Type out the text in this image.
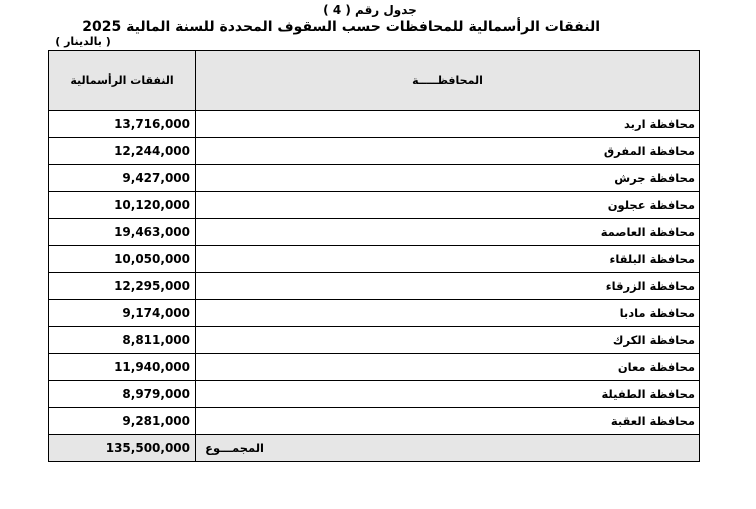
جدول رقم ( 4 )
النفقات الرأسمالية للمحافظات حسب السقوف المحددة للسنة المالية 2025
( بالدينار )
النفقات الرأسمالية	المحافظـــــة
13,716,000	محافظة اربد
12,244,000	محافظة المفرق
9,427,000	محافظة جرش
10,120,000	محافظة عجلون
19,463,000	محافظة العاصمة
10,050,000	محافظة البلقاء
12,295,000	محافظة الزرقاء
9,174,000	محافظة مادبا
8,811,000	محافظة الكرك
11,940,000	محافظة معان
8,979,000	محافظة الطفيلة
9,281,000	محافظة العقبة
135,500,000	المجمـــوع
